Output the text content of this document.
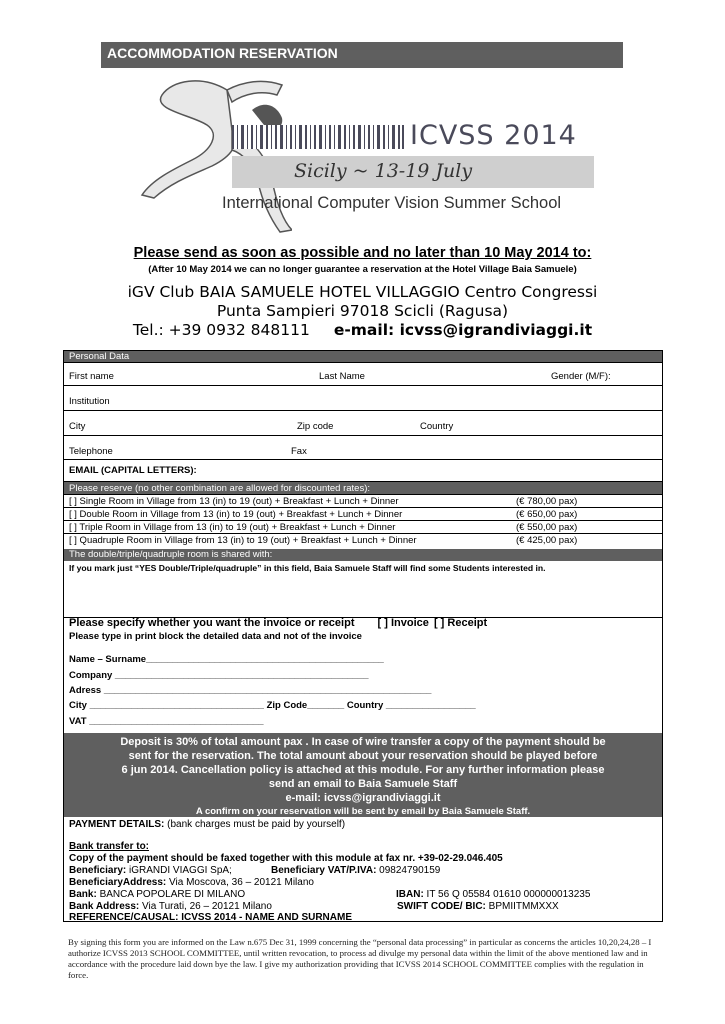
ACCOMMODATION RESERVATION
ICVSS 2014
Sicily ~ 13-19 July
International Computer Vision Summer School
Please send as soon as possible and no later than 10 May 2014 to:
(After 10 May 2014 we can no longer guarantee a reservation at the Hotel Village Baia Samuele)
iGV Club BAIA SAMUELE HOTEL VILLAGGIO Centro Congressi
Punta Sampieri 97018 Scicli (Ragusa)
Tel.: +39 0932 848111 e-mail: icvss@igrandiviaggi.it
Personal Data
First name	Last Name	Gender (M/F):
Institution
City	Zip code	Country
Telephone	Fax
EMAIL (CAPITAL LETTERS):
Please reserve (no other combination are allowed for discounted rates):
[ ] Single Room in Village from 13 (in) to 19 (out) + Breakfast + Lunch + Dinner	(€ 780,00 pax)
[ ] Double Room in Village from 13 (in) to 19 (out) + Breakfast + Lunch + Dinner	(€ 650,00 pax)
[ ] Triple Room in Village from 13 (in) to 19 (out) + Breakfast + Lunch + Dinner	(€ 550,00 pax)
[ ] Quadruple Room in Village from 13 (in) to 19 (out) + Breakfast + Lunch + Dinner	(€ 425,00 pax)
The double/triple/quadruple room is shared with:
If you mark just “YES Double/Triple/quadruple” in this field, Baia Samuele Staff will find some Students interested in.
Please specify whether you want the invoice or receipt [ ] Invoice [ ] Receipt
Please type in print block the detailed data and not of the invoice
Name – Surname_____________________________________________
Company ________________________________________________
Adress ______________________________________________________________
City _________________________________ Zip Code_______ Country _________________
VAT _________________________________
Deposit is 30% of total amount pax . In case of wire transfer a copy of the payment should be
sent for the reservation. The total amount about your reservation should be played before
6 jun 2014. Cancellation policy is attached at this module. For any further information please
send an email to Baia Samuele Staff
e-mail: icvss@igrandiviaggi.it
A confirm on your reservation will be sent by email by Baia Samuele Staff.
PAYMENT DETAILS: (bank charges must be paid by yourself)
Bank transfer to:
Copy of the payment should be faxed together with this module at fax nr. +39-02-29.046.405
Beneficiary: iGRANDI VIAGGI SpA;	Beneficiary VAT/P.IVA: 09824790159
BeneficiaryAddress: Via Moscova, 36 – 20121 Milano
Bank: BANCA POPOLARE DI MILANO	IBAN: IT 56 Q 05584 01610 000000013235
Bank Address: Via Turati, 26 – 20121 Milano	SWIFT CODE/ BIC: BPMIITMMXXX
REFERENCE/CAUSAL: ICVSS 2014 - NAME AND SURNAME
By signing this form you are informed on the Law n.675 Dec 31, 1999 concerning the “personal data processing” in particular as concerns the articles 10,20,24,28 – I authorize ICVSS 2013 SCHOOL COMMITTEE, until written revocation, to process ad divulge my personal data within the limit of the above mentioned law and in accordance with the procedure laid down bye the law. I give my authorization providing that ICVSS 2014 SCHOOL COMMITTEE complies with the regulation in force.
